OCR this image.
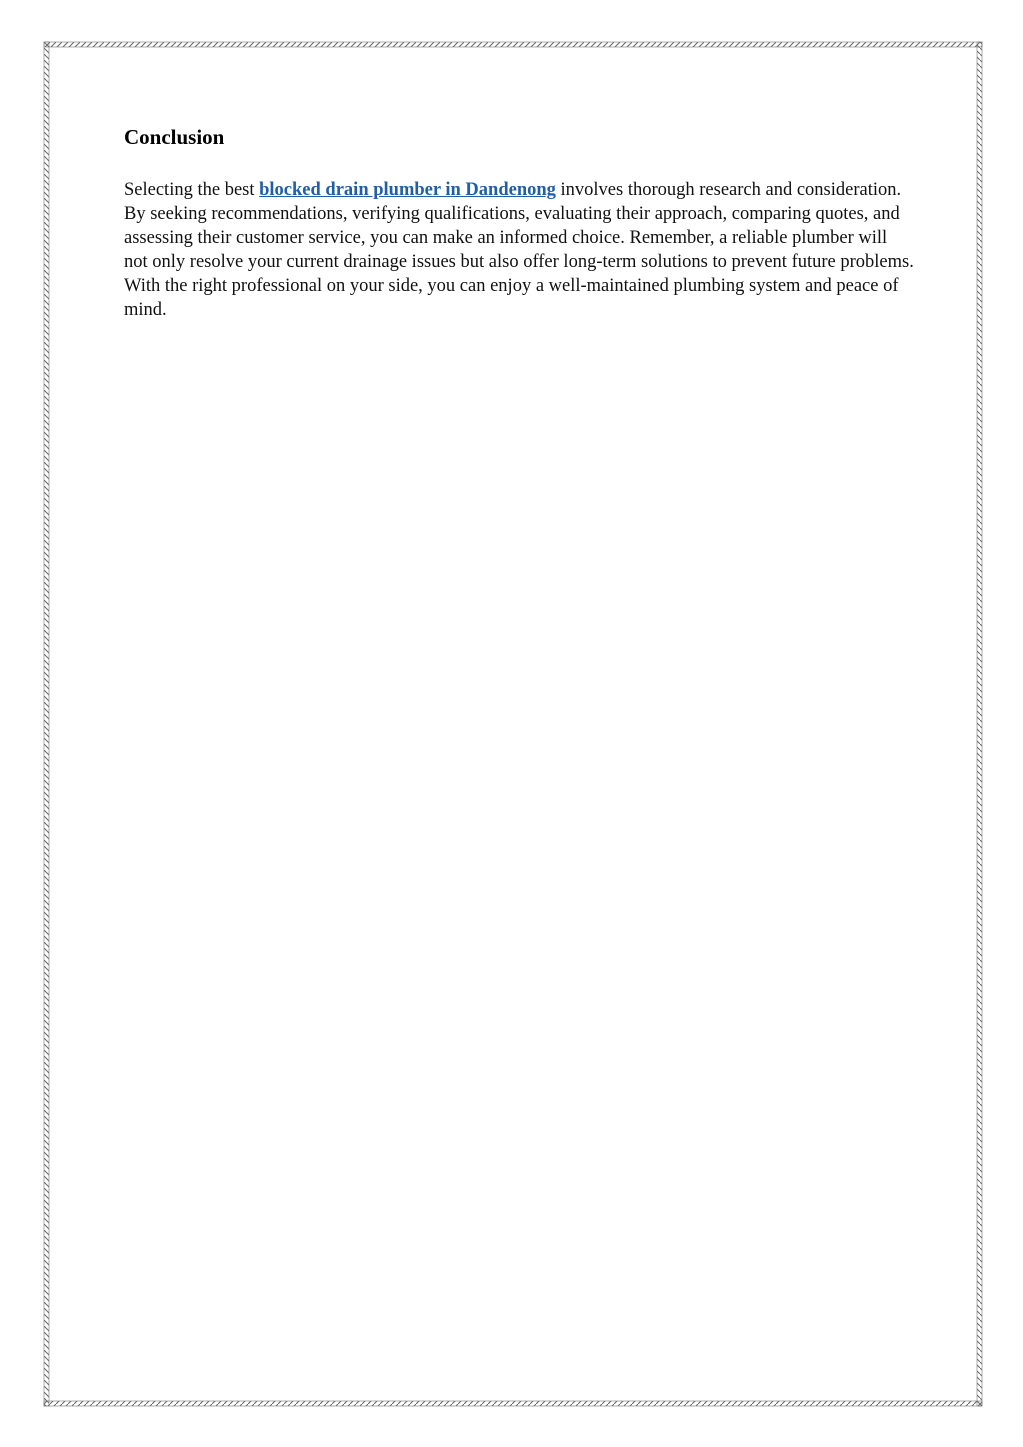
Conclusion

Selecting the best blocked drain plumber in Dandenong involves thorough research and consideration. By seeking recommendations, verifying qualifications, evaluating their approach, comparing quotes, and assessing their customer service, you can make an informed choice. Remember, a reliable plumber will not only resolve your current drainage issues but also offer long-term solutions to prevent future problems. With the right professional on your side, you can enjoy a well-maintained plumbing system and peace of mind.
